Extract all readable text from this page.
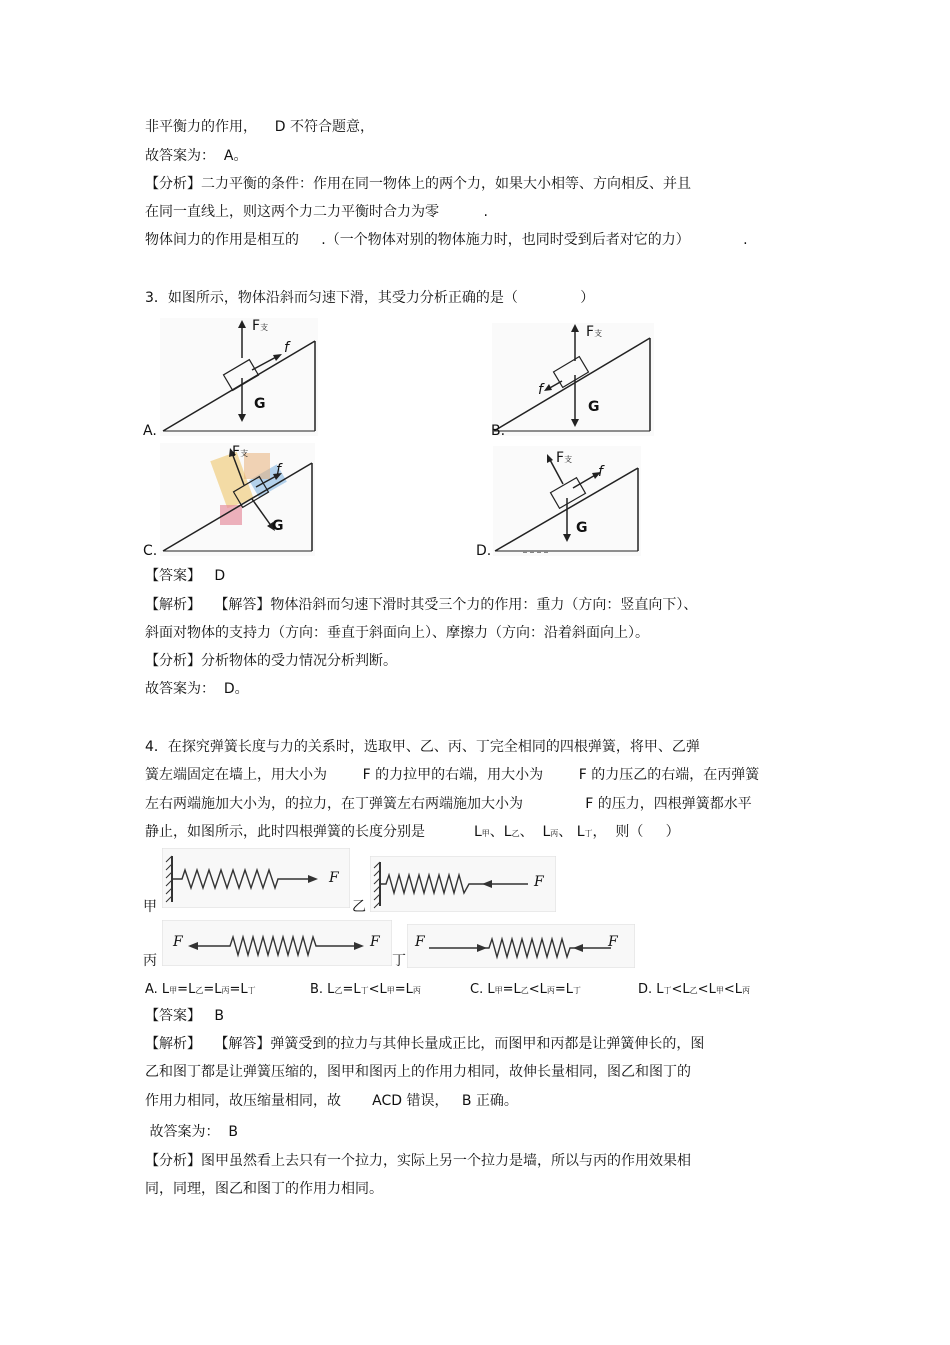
非平衡力的作用，    D 不符合题意，
故答案为：  A。
【分析】二力平衡的条件：作用在同一物体上的两个力，如果大小相等、方向相反、并且
在同一直线上，则这两个力二力平衡时合力为零          .
物体间力的作用是相互的     .（一个物体对别的物体施力时，也同时受到后者对它的力）            .
3．如图所示，物体沿斜而匀速下滑，其受力分析正确的是（              ）
F支
f
G
A.
F支
f
G
B.
F支
f
G
C.
F支
f
G
D.
【答案】   D
【解析】   【解答】物体沿斜而匀速下滑时其受三个力的作用：重力（方向：竖直向下）、
斜面对物体的支持力（方向：垂直于斜面向上）、摩擦力（方向：沿着斜面向上）。
【分析】分析物体的受力情况分析判断。
故答案为：  D。
4．在探究弹簧长度与力的关系时，选取甲、乙、丙、丁完全相同的四根弹簧，将甲、乙弹
簧左端固定在墙上，用大小为        F 的力拉甲的右端，用大小为        F 的力压乙的右端，在丙弹簧
左右两端施加大小为，的拉力，在丁弹簧左右两端施加大小为              F 的压力，四根弹簧都水平
静止，如图所示，此时四根弹簧的长度分别是           L甲、L乙、  L丙、 L丁，  则（     ）
甲
F
乙
F
丙
F	F
丁
F	F
A. L甲=L乙=L丙=L丁	B. L乙=L丁<L甲=L丙	C. L甲=L乙<L丙=L丁	D. L丁<L乙<L甲<L丙
【答案】   B
【解析】   【解答】弹簧受到的拉力与其伸长量成正比，而图甲和丙都是让弹簧伸长的，图
乙和图丁都是让弹簧压缩的，图甲和图丙上的作用力相同，故伸长量相同，图乙和图丁的
作用力相同，故压缩量相同，故       ACD 错误，   B 正确。
故答案为：  B
【分析】图甲虽然看上去只有一个拉力，实际上另一个拉力是墙，所以与丙的作用效果相
同，同理，图乙和图丁的作用力相同。
